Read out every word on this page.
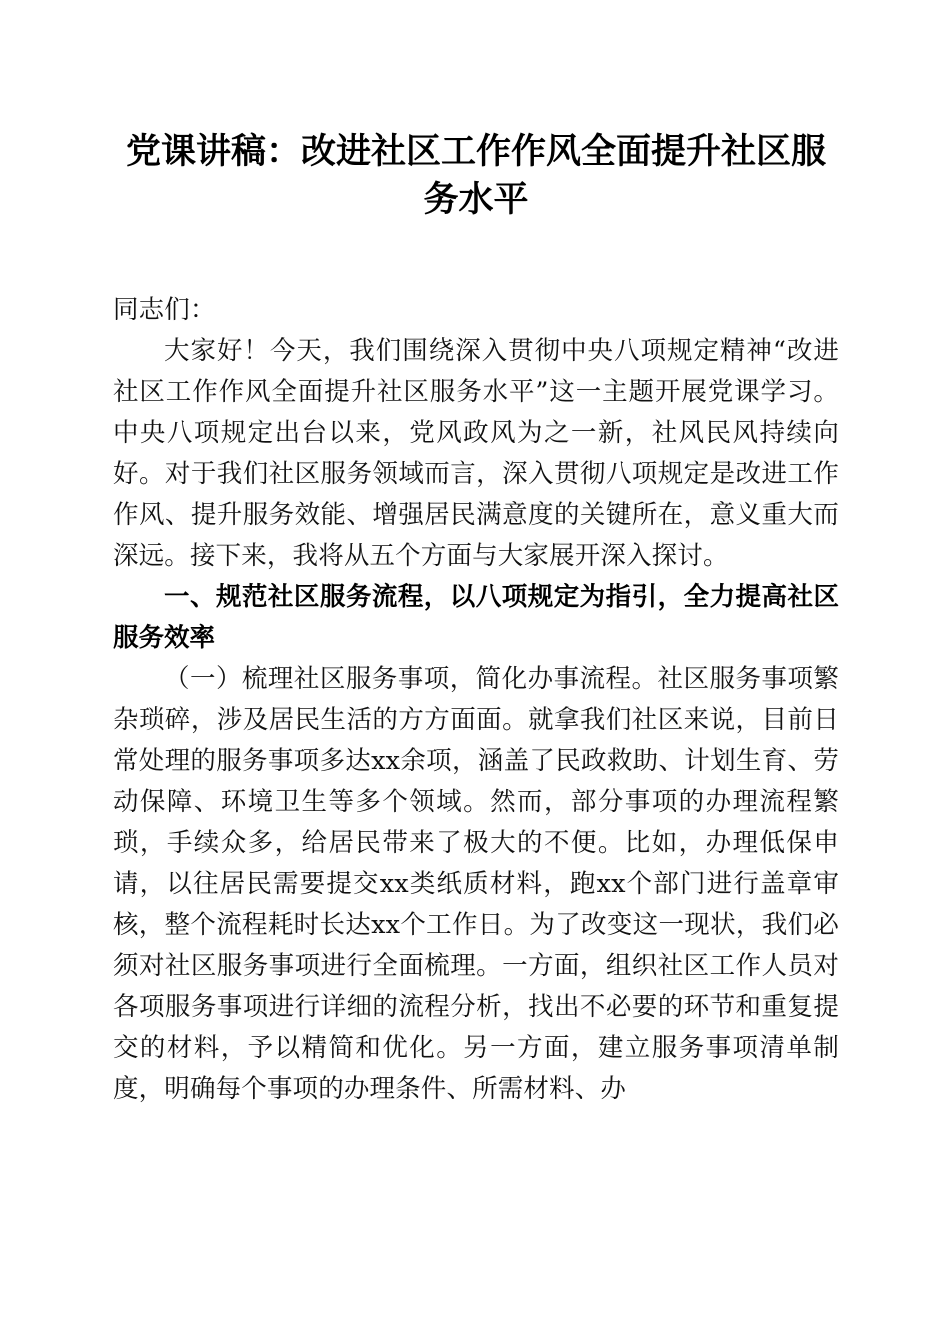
党课讲稿：改进社区工作作风全面提升社区服务水平

同志们：

大家好！今天，我们围绕深入贯彻中央八项规定精神“改进社区工作作风全面提升社区服务水平”这一主题开展党课学习。中央八项规定出台以来，党风政风为之一新，社风民风持续向好。对于我们社区服务领域而言，深入贯彻八项规定是改进工作作风、提升服务效能、增强居民满意度的关键所在，意义重大而深远。接下来，我将从五个方面与大家展开深入探讨。

一、规范社区服务流程，以八项规定为指引，全力提高社区服务效率

（一）梳理社区服务事项，简化办事流程。社区服务事项繁杂琐碎，涉及居民生活的方方面面。就拿我们社区来说，目前日常处理的服务事项多达xx余项，涵盖了民政救助、计划生育、劳动保障、环境卫生等多个领域。然而，部分事项的办理流程繁琐，手续众多，给居民带来了极大的不便。比如，办理低保申请，以往居民需要提交xx类纸质材料，跑xx个部门进行盖章审核，整个流程耗时长达xx个工作日。为了改变这一现状，我们必须对社区服务事项进行全面梳理。一方面，组织社区工作人员对各项服务事项进行详细的流程分析，找出不必要的环节和重复提交的材料，予以精简和优化。另一方面，建立服务事项清单制度，明确每个事项的办理条件、所需材料、办
